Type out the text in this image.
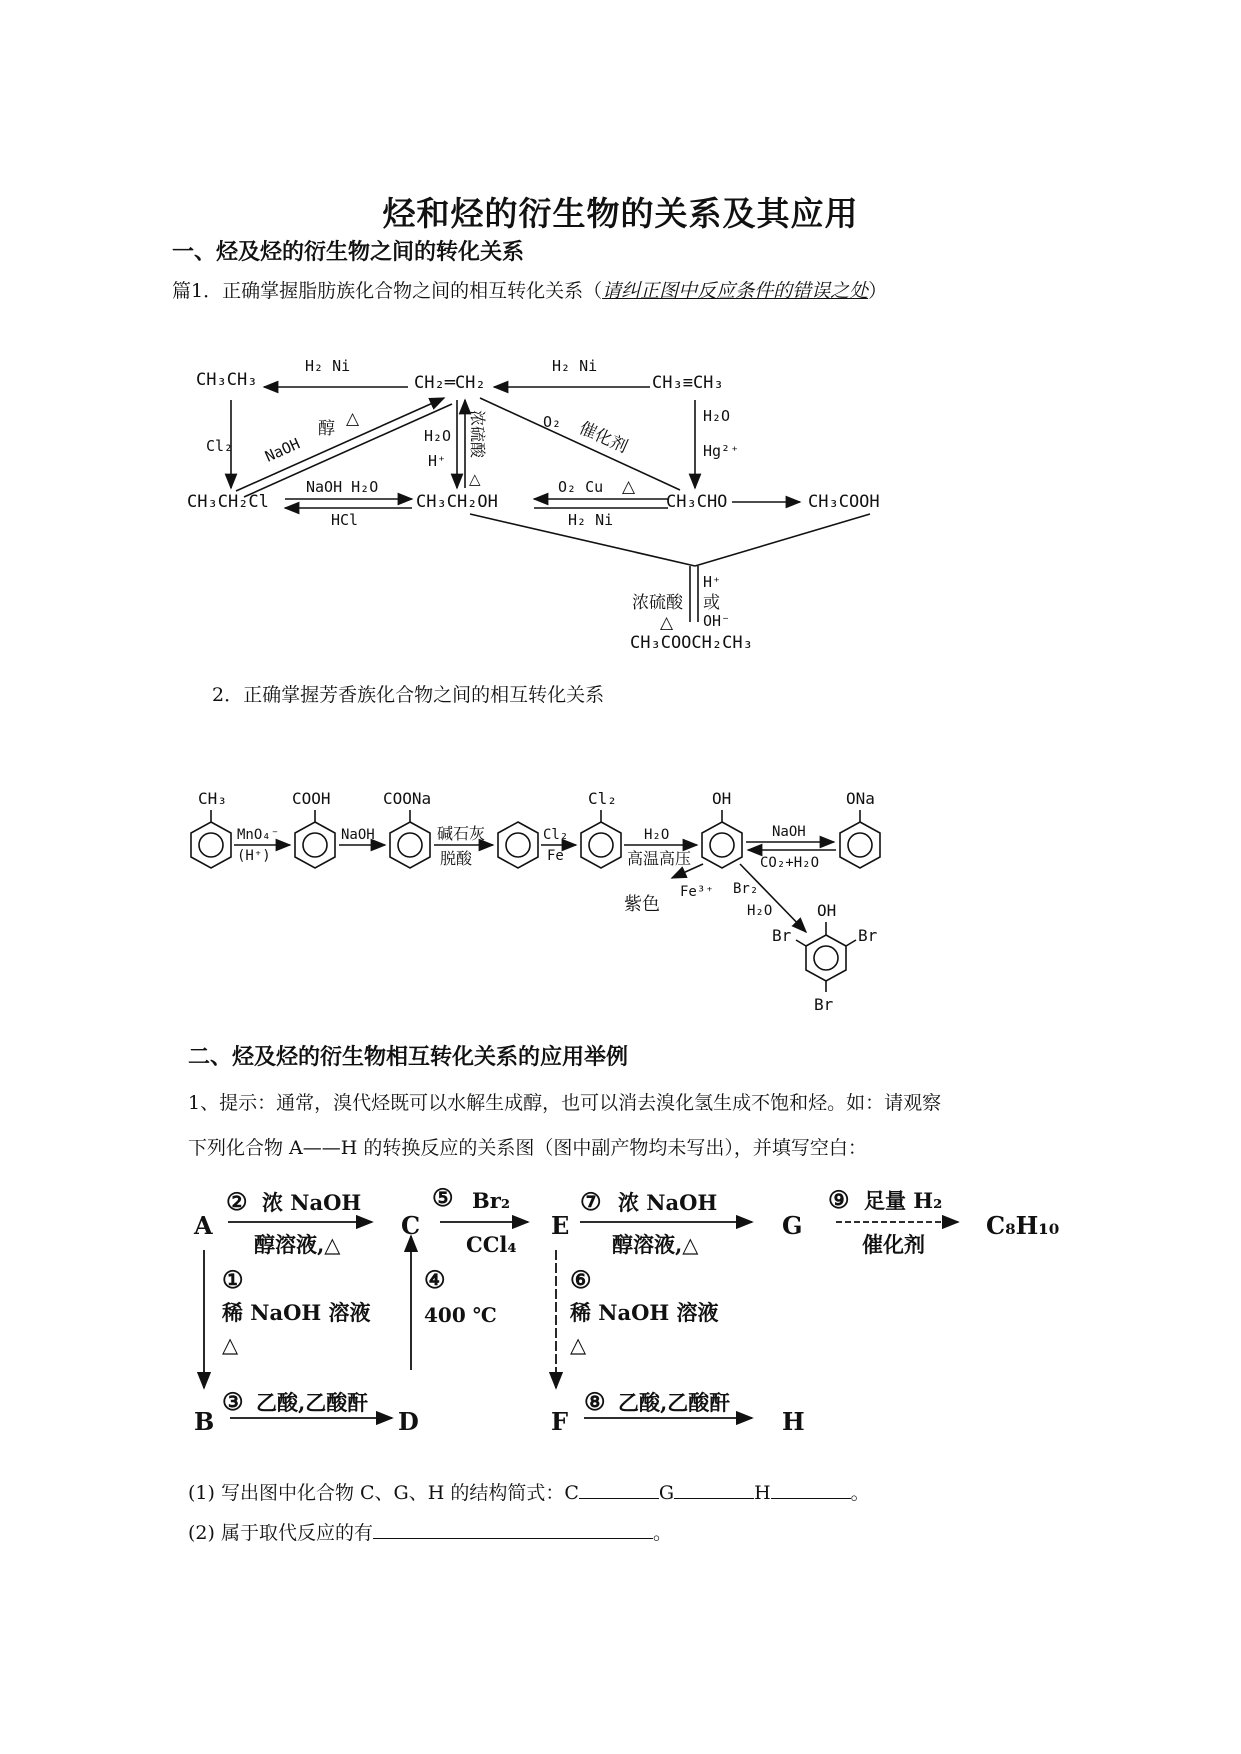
烃和烃的衍生物的关系及其应用
一、烃及烃的衍生物之间的转化关系
篇1．正确掌握脂肪族化合物之间的相互转化关系（请纠正图中反应条件的错误之处）
CH₃CH₃	CH₂═CH₂	CH₃≡CH₃
CH₃CH₂Cl	CH₃CH₂OH	CH₃CHO	CH₃COOH
CH₃COOCH₂CH₃
H₂ Ni	H₂ Ni
Cl₂ NaOH
醇 △
H₂O
H⁺
浓硫酸
△
O₂ 催化剂
H₂O
Hg²⁺
NaOH H₂O
HCl
O₂ Cu △
H₂ Ni
浓硫酸
△
H⁺
或
OH⁻
2．正确掌握芳香族化合物之间的相互转化关系
CH₃	COOH	COONa	Cl₂	OH	ONa
OH
Br	Br
Br
MnO₄⁻
(H⁺)
NaOH	碱石灰
脱酸
Cl₂
Fe
H₂O
高温高压
NaOH
CO₂+H₂O
Fe³⁺
紫色
Br₂
H₂O
二、烃及烃的衍生物相互转化关系的应用举例
1、提示：通常，溴代烃既可以水解生成醇，也可以消去溴化氢生成不饱和烃。如：请观察
下列化合物 A——H 的转换反应的关系图（图中副产物均未写出），并填写空白：
A	C	E	G	C₈H₁₀
B	D	F	H
② 浓 NaOH
醇溶液,△
⑤ Br₂
CCl₄
⑦ 浓 NaOH
醇溶液,△
⑨ 足量 H₂
催化剂
①
稀 NaOH 溶液
△
④
400 ℃
⑥
稀 NaOH 溶液
△
③ 乙酸,乙酸酐	⑧ 乙酸,乙酸酐
(1) 写出图中化合物 C、G、H 的结构简式：C	G	H	。
(2) 属于取代反应的有	。
